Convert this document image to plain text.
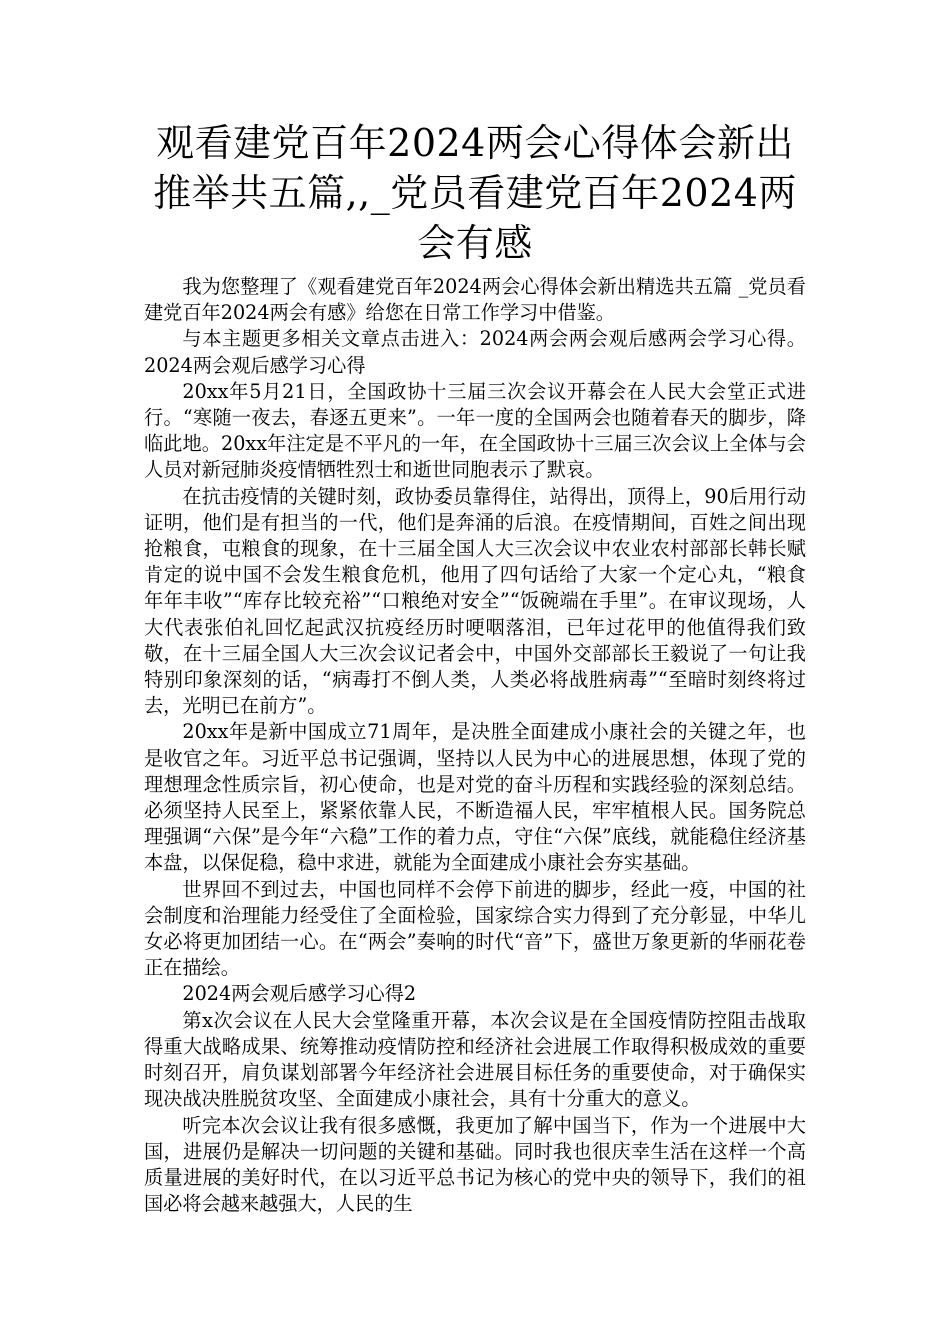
观看建党百年2024两会心得体会新出推举共五篇,,_党员看建党百年2024两会有感

我为您整理了《观看建党百年2024两会心得体会新出精选共五篇 _党员看建党百年2024两会有感》给您在日常工作学习中借鉴。

与本主题更多相关文章点击进入：2024两会两会观后感两会学习心得。 2024两会观后感学习心得

20xx年5月21日，全国政协十三届三次会议开幕会在人民大会堂正式进行。“寒随一夜去，春逐五更来”。一年一度的全国两会也随着春天的脚步，降临此地。20xx年注定是不平凡的一年，在全国政协十三届三次会议上全体与会人员对新冠肺炎疫情牺牲烈士和逝世同胞表示了默哀。

在抗击疫情的关键时刻，政协委员靠得住，站得出，顶得上，90后用行动证明，他们是有担当的一代，他们是奔涌的后浪。在疫情期间，百姓之间出现抢粮食，屯粮食的现象，在十三届全国人大三次会议中农业农村部部长韩长赋肯定的说中国不会发生粮食危机，他用了四句话给了大家一个定心丸，“粮食年年丰收”“库存比较充裕”“口粮绝对安全”“饭碗端在手里”。在审议现场，人大代表张伯礼回忆起武汉抗疫经历时哽咽落泪，已年过花甲的他值得我们致敬，在十三届全国人大三次会议记者会中，中国外交部部长王毅说了一句让我特别印象深刻的话，“病毒打不倒人类，人类必将战胜病毒”“至暗时刻终将过去，光明已在前方”。

20xx年是新中国成立71周年，是决胜全面建成小康社会的关键之年，也是收官之年。习近平总书记强调，坚持以人民为中心的进展思想，体现了党的理想理念性质宗旨，初心使命，也是对党的奋斗历程和实践经验的深刻总结。必须坚持人民至上，紧紧依靠人民，不断造福人民，牢牢植根人民。国务院总理强调“六保”是今年“六稳”工作的着力点，守住“六保”底线，就能稳住经济基本盘，以保促稳，稳中求进，就能为全面建成小康社会夯实基础。

世界回不到过去，中国也同样不会停下前进的脚步，经此一疫，中国的社会制度和治理能力经受住了全面检验，国家综合实力得到了充分彰显，中华儿女必将更加团结一心。在“两会”奏响的时代“音”下，盛世万象更新的华丽花卷正在描绘。

2024两会观后感学习心得2

第x次会议在人民大会堂隆重开幕，本次会议是在全国疫情防控阻击战取得重大战略成果、统筹推动疫情防控和经济社会进展工作取得积极成效的重要时刻召开，肩负谋划部署今年经济社会进展目标任务的重要使命，对于确保实现决战决胜脱贫攻坚、全面建成小康社会，具有十分重大的意义。

听完本次会议让我有很多感慨，我更加了解中国当下，作为一个进展中大国，进展仍是解决一切问题的关键和基础。同时我也很庆幸生活在这样一个高质量进展的美好时代，在以习近平总书记为核心的党中央的领导下，我们的祖国必将会越来越强大，人民的生
